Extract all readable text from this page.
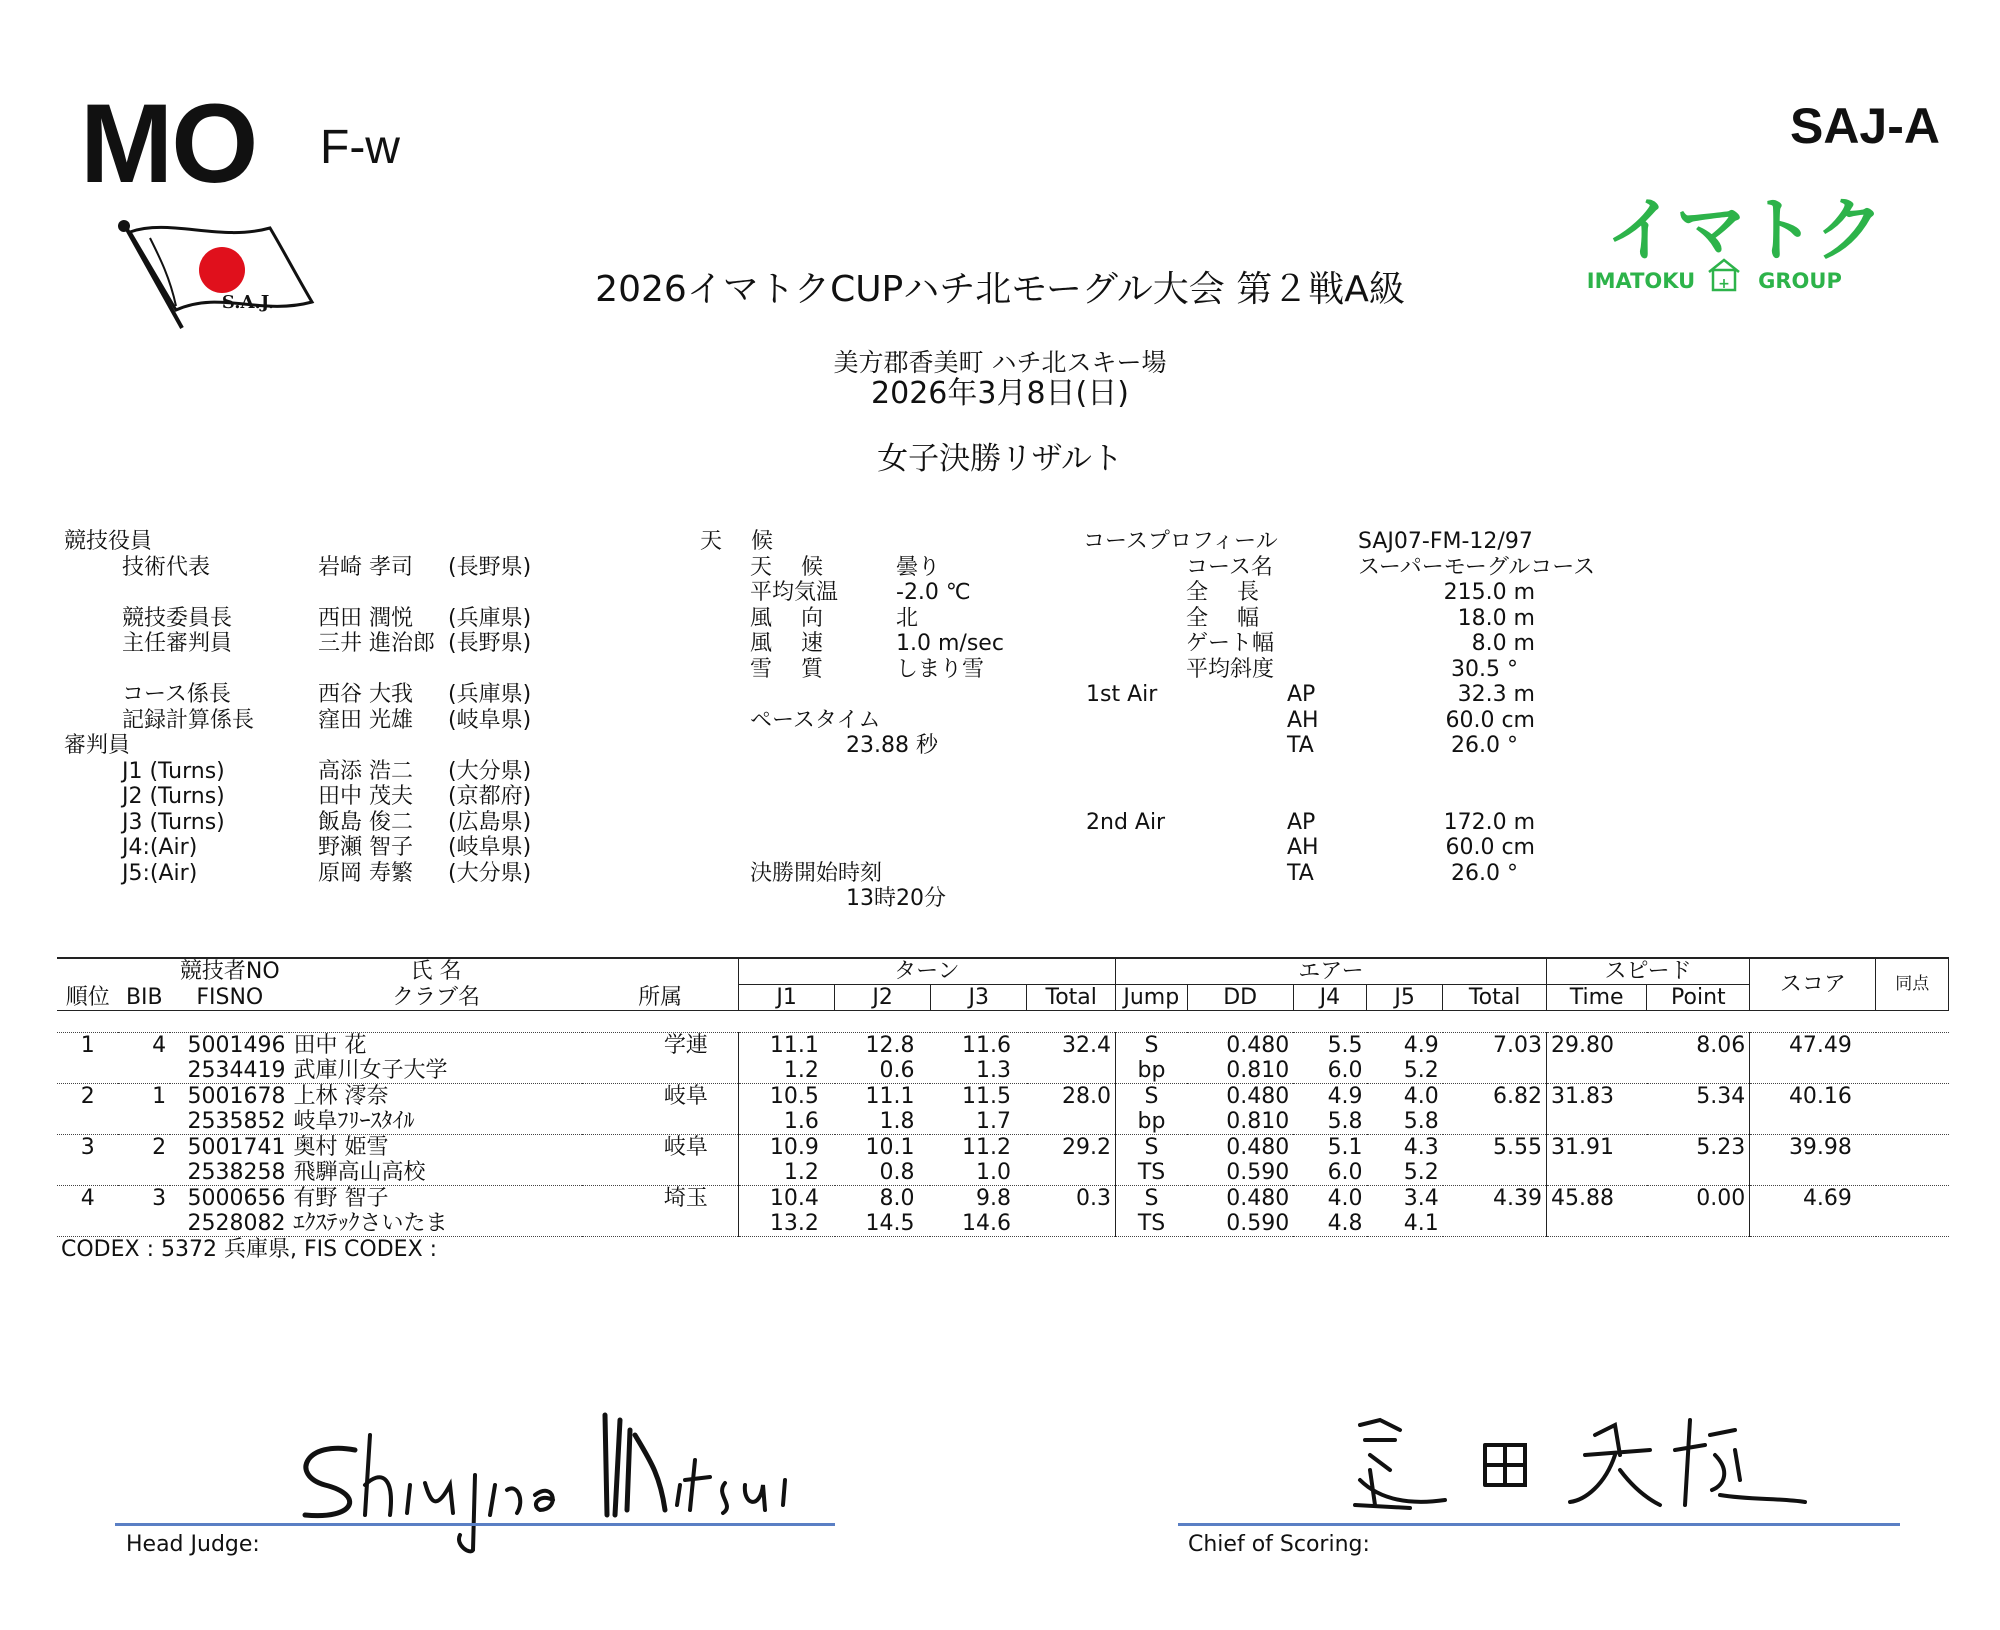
MO F-w	SAJ-A
S.A.J.
イマトク
IMATOKU + GROUP
2026イマトクCUPハチ北モーグル大会 第２戦A級
美方郡香美町 ハチ北スキー場
2026年3月8日(日)
女子決勝リザルト
競技役員
技術代表	岩崎 孝司 (長野県)
競技委員長	西田 潤悦 (兵庫県)
主任審判員	三井 進治郎 (長野県)
コース係長	西谷 大我 (兵庫県)
記録計算係長	窪田 光雄 (岐阜県)
審判員
J1 (Turns)	高添 浩二 (大分県)
J2 (Turns)	田中 茂夫 (京都府)
J3 (Turns)	飯島 俊二 (広島県)
J4:(Air)	野瀬 智子 (岐阜県)
J5:(Air)	原岡 寿繁 (大分県)
天　 候
天　 候	曇り
平均気温	-2.0 ℃
風　 向	北
風　 速	1.0 m/sec
雪　 質	しまり雪
ペースタイム
23.88 秒
決勝開始時刻
13時20分
コースプロフィール	SAJ07-FM-12/97
コース名	スーパーモーグルコース
全　 長	215.0 m
全　 幅	18.0 m
ゲート幅	8.0 m
平均斜度	30.5 °
1st Air	AP	32.3 m
AH	60.0 cm
TA	26.0 °
2nd Air	AP	172.0 m
AH	60.0 cm
TA	26.0 °
		競技者NO	氏 名		ターン				エアー					スピード		スコア	同点
順位	BIB	FISNO	クラブ名	所属	J1	J2	J3	Total	Jump	DD	J4	J5	Total	Time	Point		

1	4	5001496	田中 花	学連	11.1	12.8	11.6	32.4	S	0.480	5.5	4.9	7.03	29.80	8.06	47.49	
		2534419	武庫川女子大学		1.2	0.6	1.3		bp	0.810	6.0	5.2					
2	1	5001678	上林 澪奈	岐阜	10.5	11.1	11.5	28.0	S	0.480	4.9	4.0	6.82	31.83	5.34	40.16	
		2535852	岐阜ﾌﾘｰｽﾀｲﾙ		1.6	1.8	1.7		bp	0.810	5.8	5.8					
3	2	5001741	奥村 姫雪	岐阜	10.9	10.1	11.2	29.2	S	0.480	5.1	4.3	5.55	31.91	5.23	39.98	
		2538258	飛騨高山高校		1.2	0.8	1.0		TS	0.590	6.0	5.2					
4	3	5000656	有野 智子	埼玉	10.4	8.0	9.8	0.3	S	0.480	4.0	3.4	4.39	45.88	0.00	4.69	
		2528082	ｴｸｽﾃｯｸさいたま		13.2	14.5	14.6		TS	0.590	4.8	4.1					
CODEX : 5372 兵庫県, FIS CODEX :																	
Head Judge:	Chief of Scoring:
